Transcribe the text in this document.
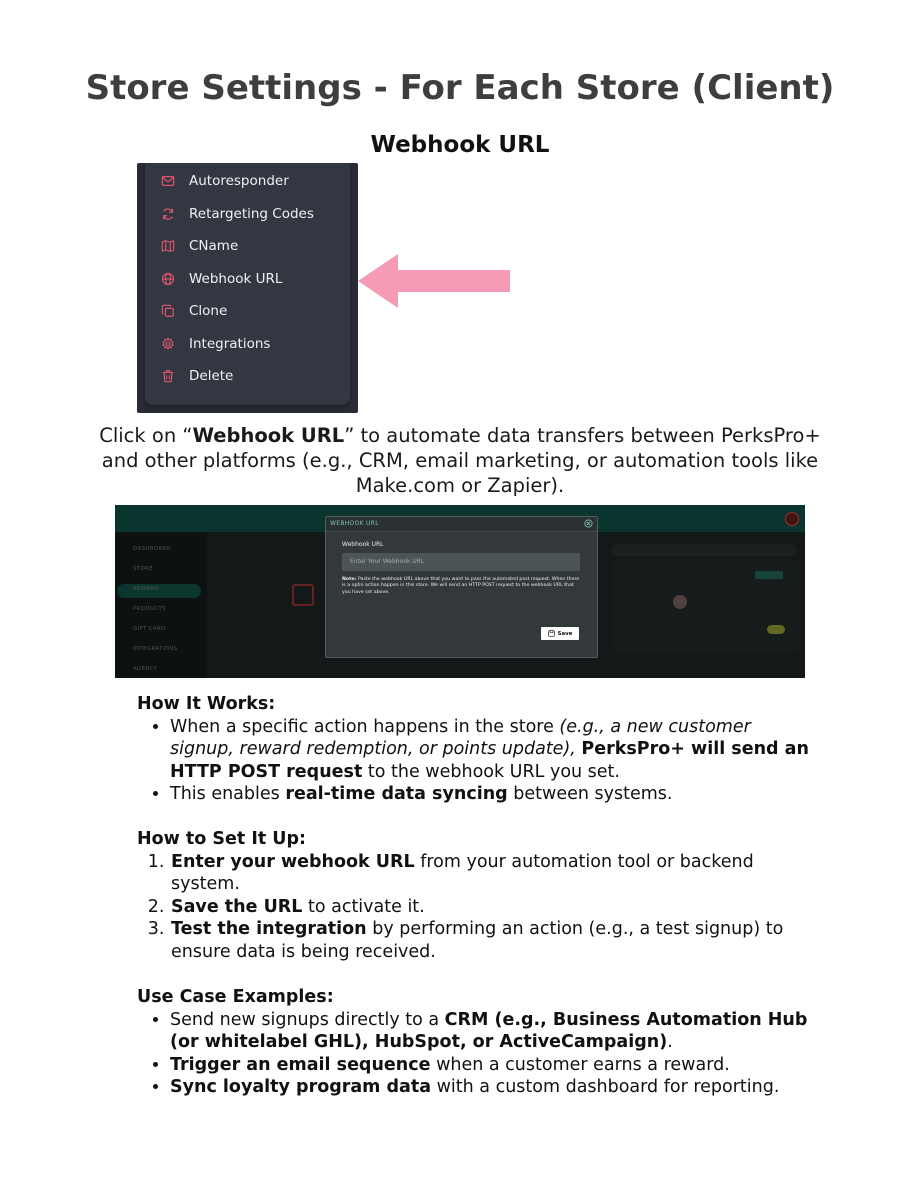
Store Settings - For Each Store (Client)
Webhook URL
Autoresponder
Retargeting Codes
CName
Webhook URL
Clone
Integrations
Delete
Click on “Webhook URL” to automate data transfers between PerksPro+ and other platforms (e.g., CRM, email marketing, or automation tools like Make.com or Zapier).
DASHBOARD
STORE
REWARD
PRODUCTS
GIFT CARD
INTEGRATIONS
AGENCY
WEBHOOK URL
Webhook URL
Enter Your Webhook URL
Note: Paste the webhook URL above that you want to pass the automated post request. When there is a optin action happen in this store. We will send an HTTP POST request to the webhook URL that you have set above.
Save
How It Works:
• When a specific action happens in the store (e.g., a new customer signup, reward redemption, or points update), PerksPro+ will send an HTTP POST request to the webhook URL you set.
• This enables real-time data syncing between systems.
How to Set It Up:
1. Enter your webhook URL from your automation tool or backend system.
2. Save the URL to activate it.
3. Test the integration by performing an action (e.g., a test signup) to ensure data is being received.
Use Case Examples:
• Send new signups directly to a CRM (e.g., Business Automation Hub (or whitelabel GHL), HubSpot, or ActiveCampaign).
• Trigger an email sequence when a customer earns a reward.
• Sync loyalty program data with a custom dashboard for reporting.
